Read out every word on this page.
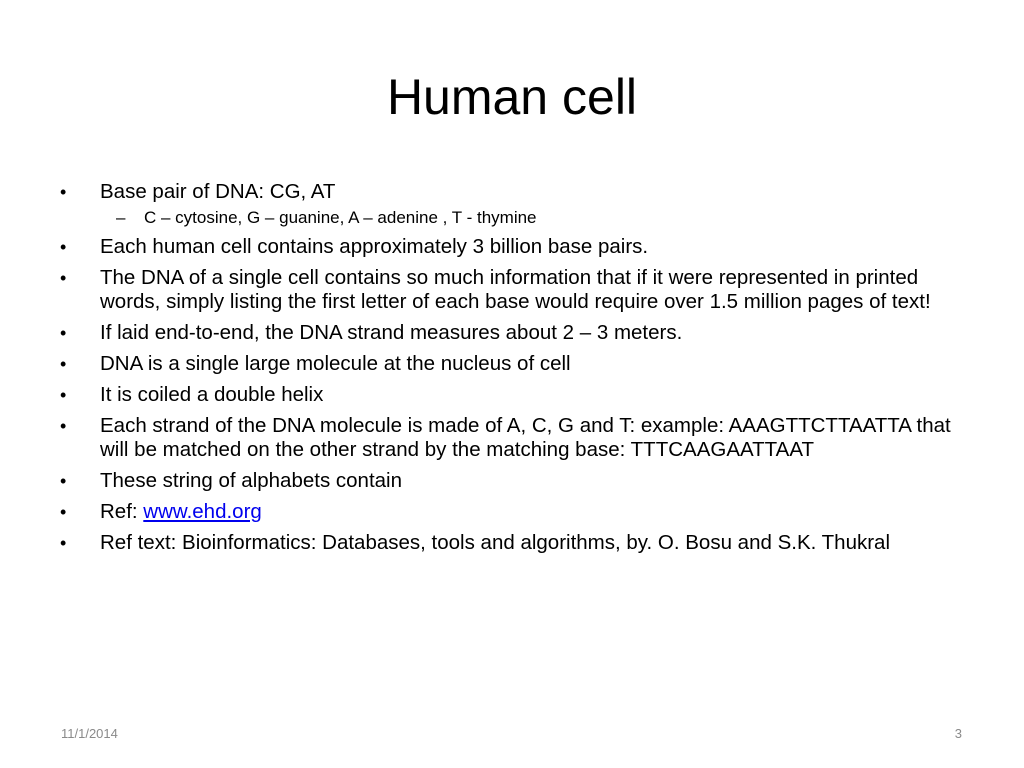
Human cell
•	Base pair of DNA: CG, AT
– C – cytosine, G – guanine, A – adenine , T - thymine
•	Each human cell contains approximately 3 billion base pairs.
•	The DNA of a single cell contains so much information that if it were represented in printed words, simply listing the first letter of each base would require over 1.5 million pages of text!
•	If laid end-to-end, the DNA strand measures about 2 – 3 meters.
•	DNA is a single large molecule at the nucleus of cell
•	It is coiled a double helix
•	Each strand of the DNA molecule is made of A, C, G and T: example: AAAGTTCTTAATTA that will be matched on the other strand by the matching base: TTTCAAGAATTAAT
•	These string of alphabets contain
•	Ref: www.ehd.org
•	Ref text: Bioinformatics: Databases, tools and algorithms, by. O. Bosu and S.K. Thukral
11/1/2014	3
